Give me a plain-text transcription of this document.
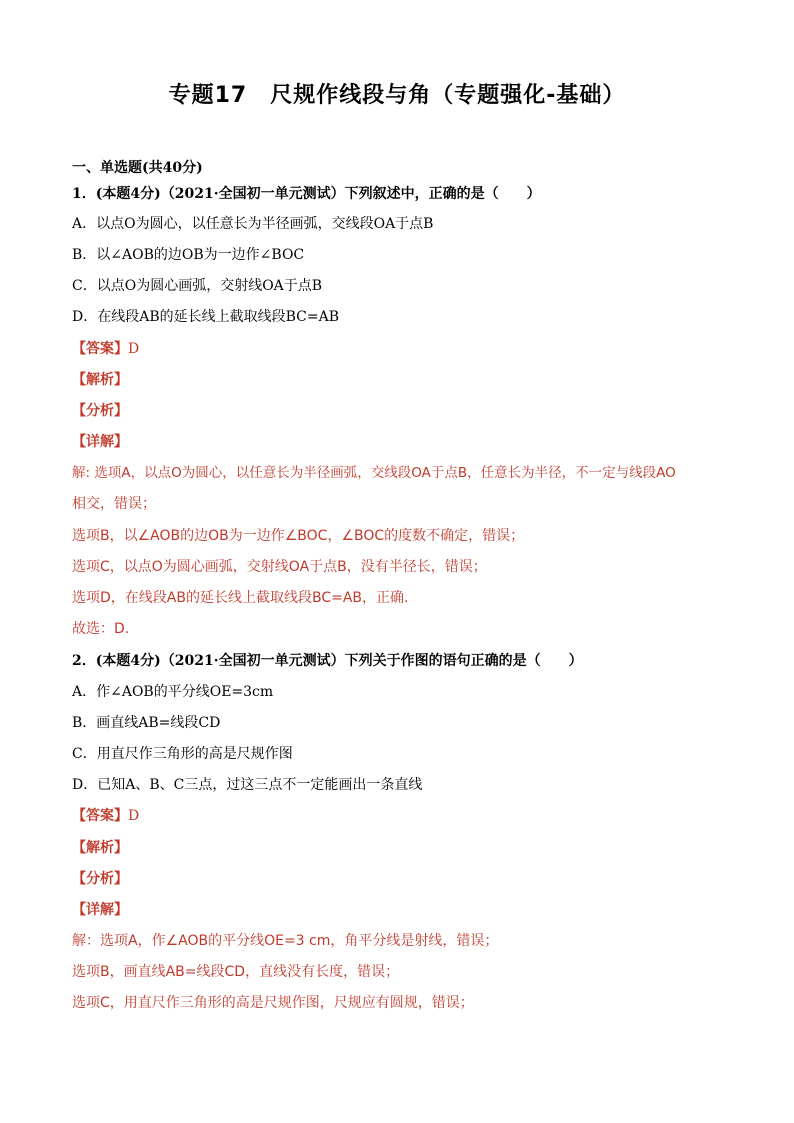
专题17　尺规作线段与角（专题强化-基础）
一、单选题(共40分)
1．(本题4分)（2021·全国初一单元测试）下列叙述中，正确的是（　　）
A．以点O为圆心，以任意长为半径画弧，交线段OA于点B
B．以∠AOB的边OB为一边作∠BOC
C．以点O为圆心画弧，交射线OA于点B
D．在线段AB的延长线上截取线段BC=AB
【答案】D
【解析】
【分析】
【详解】
解: 选项A，以点O为圆心，以任意长为半径画弧，交线段OA于点B，任意长为半径，不一定与线段AO
相交，错误；
选项B，以∠AOB的边OB为一边作∠BOC，∠BOC的度数不确定，错误；
选项C，以点O为圆心画弧，交射线OA于点B，没有半径长，错误；
选项D，在线段AB的延长线上截取线段BC=AB，正确.
故选：D.
2．(本题4分)（2021·全国初一单元测试）下列关于作图的语句正确的是（　　）
A．作∠AOB的平分线OE=3cm
B．画直线AB=线段CD
C．用直尺作三角形的高是尺规作图
D．已知A、B、C三点，过这三点不一定能画出一条直线
【答案】D
【解析】
【分析】
【详解】
解：选项A，作∠AOB的平分线OE=3 cm，角平分线是射线，错误；
选项B，画直线AB=线段CD，直线没有长度，错误；
选项C，用直尺作三角形的高是尺规作图，尺规应有圆规，错误；
